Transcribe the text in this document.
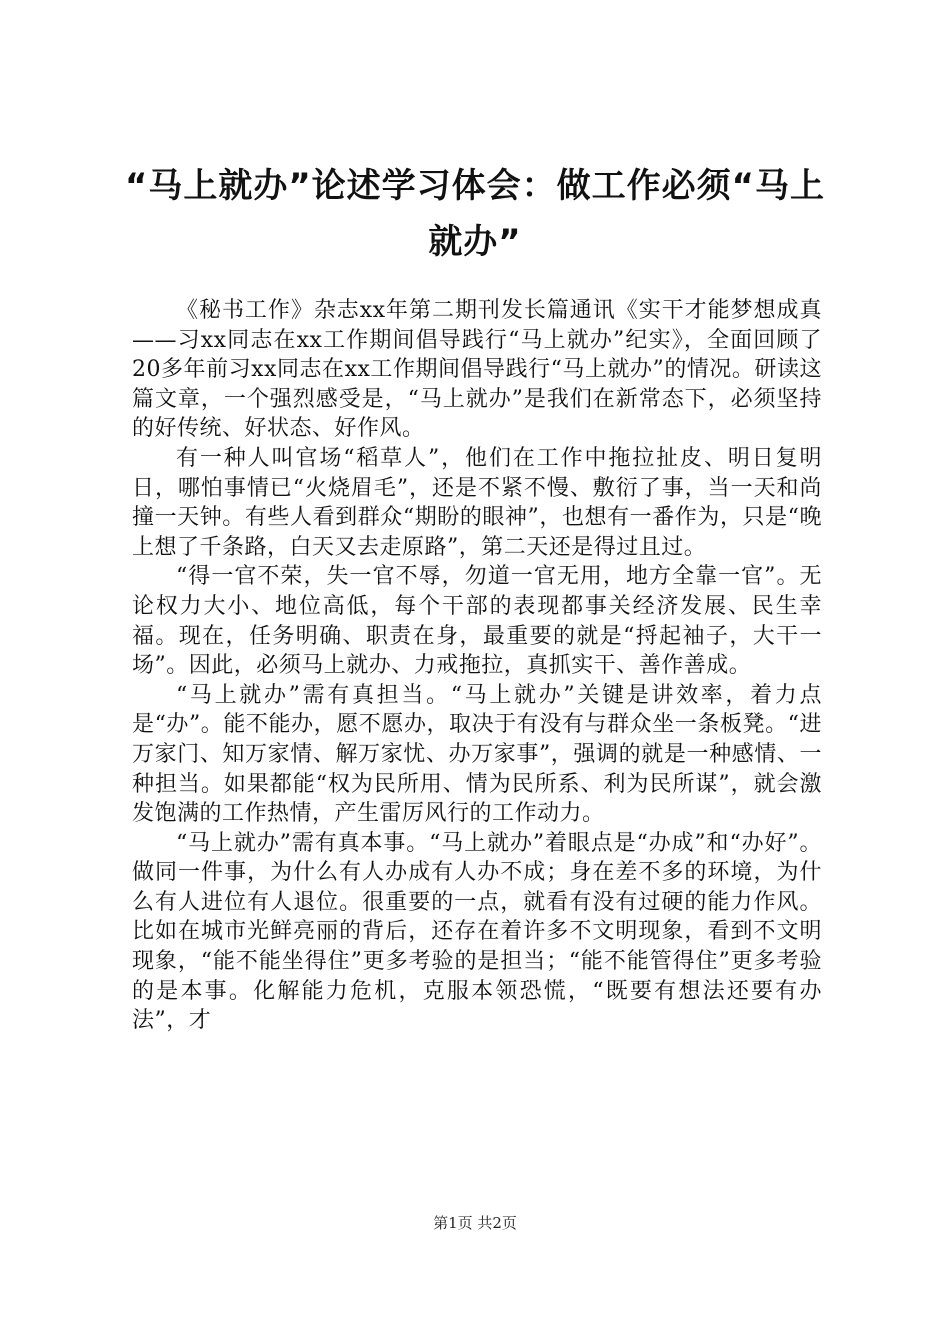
“马上就办”论述学习体会：做工作必须“马上就办”

《秘书工作》杂志xx年第二期刊发长篇通讯《实干才能梦想成真——习xx同志在xx工作期间倡导践行“马上就办”纪实》，全面回顾了20多年前习xx同志在xx工作期间倡导践行“马上就办”的情况。研读这篇文章，一个强烈感受是，“马上就办”是我们在新常态下，必须坚持的好传统、好状态、好作风。

有一种人叫官场“稻草人”，他们在工作中拖拉扯皮、明日复明日，哪怕事情已“火烧眉毛”，还是不紧不慢、敷衍了事，当一天和尚撞一天钟。有些人看到群众“期盼的眼神”，也想有一番作为，只是“晚上想了千条路，白天又去走原路”，第二天还是得过且过。

“得一官不荣，失一官不辱，勿道一官无用，地方全靠一官”。无论权力大小、地位高低，每个干部的表现都事关经济发展、民生幸福。现在，任务明确、职责在身，最重要的就是“捋起袖子，大干一场”。因此，必须马上就办、力戒拖拉，真抓实干、善作善成。

“马上就办”需有真担当。“马上就办”关键是讲效率，着力点是“办”。能不能办，愿不愿办，取决于有没有与群众坐一条板凳。“进万家门、知万家情、解万家忧、办万家事”，强调的就是一种感情、一种担当。如果都能“权为民所用、情为民所系、利为民所谋”，就会激发饱满的工作热情，产生雷厉风行的工作动力。

“马上就办”需有真本事。“马上就办”着眼点是“办成”和“办好”。做同一件事，为什么有人办成有人办不成；身在差不多的环境，为什么有人进位有人退位。很重要的一点，就看有没有过硬的能力作风。比如在城市光鲜亮丽的背后，还存在着许多不文明现象，看到不文明现象，“能不能坐得住”更多考验的是担当；“能不能管得住”更多考验的是本事。化解能力危机，克服本领恐慌，“既要有想法还要有办法”，才

第1页 共2页
